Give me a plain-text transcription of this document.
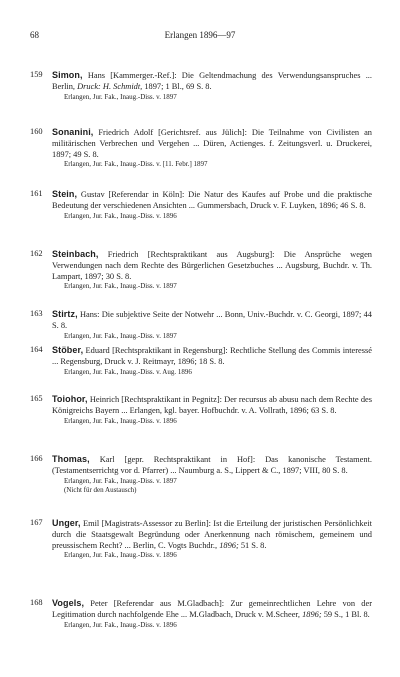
68	Erlangen 1896—97
159 Simon, Hans [Kammerger.-Ref.]: Die Geltendmachung des Verwendungsanspruches ... Berlin, Druck: H. Schmidt, 1897; 1 Bl., 69 S. 8.
Erlangen, Jur. Fak., Inaug.-Diss. v. 1897
160 Sonanini, Friedrich Adolf [Gerichtsref. aus Jülich]: Die Teilnahme von Civilisten an militärischen Verbrechen und Vergehen ... Düren, Actienges. f. Zeitungsverl. u. Druckerei, 1897; 49 S. 8.
Erlangen, Jur. Fak., Inaug.-Diss. v. [11. Febr.] 1897
161 Stein, Gustav [Referendar in Köln]: Die Natur des Kaufes auf Probe und die praktische Bedeutung der verschiedenen Ansichten ... Gummersbach, Druck v. F. Luyken, 1896; 46 S. 8.
Erlangen, Jur. Fak., Inaug.-Diss. v. 1896
162 Steinbach, Friedrich [Rechtspraktikant aus Augsburg]: Die Ansprüche wegen Verwendungen nach dem Rechte des Bürgerlichen Gesetzbuches ... Augsburg, Buchdr. v. Th. Lampart, 1897; 30 S. 8.
Erlangen, Jur. Fak., Inaug.-Diss. v. 1897
163 Stirtz, Hans: Die subjektive Seite der Notwehr ... Bonn, Univ.-Buchdr. v. C. Georgi, 1897; 44 S. 8.
Erlangen, Jur. Fak., Inaug.-Diss. v. 1897
164 Stöber, Eduard [Rechtspraktikant in Regensburg]: Rechtliche Stellung des Commis interessé ... Regensburg, Druck v. J. Reitmayr, 1896; 18 S. 8.
Erlangen, Jur. Fak., Inaug.-Diss. v. Aug. 1896
165 Toiohor, Heinrich [Rechtspraktikant in Pegnitz]: Der recursus ab abusu nach dem Rechte des Königreichs Bayern ... Erlangen, kgl. bayer. Hofbuchdr. v. A. Vollrath, 1896; 63 S. 8.
Erlangen, Jur. Fak., Inaug.-Diss. v. 1896
166 Thomas, Karl [gepr. Rechtspraktikant in Hof]: Das kanonische Testament. (Testamentserrichtg vor d. Pfarrer) ... Naumburg a. S., Lippert & C., 1897; VIII, 80 S. 8.
Erlangen, Jur. Fak., Inaug.-Diss. v. 1897
(Nicht für den Austausch)
167 Unger, Emil [Magistrats-Assessor zu Berlin]: Ist die Erteilung der juristischen Persönlichkeit durch die Staatsgewalt Begründung oder Anerkennung nach römischem, gemeinem und preussischem Recht? ... Berlin, C. Vogts Buchdr., 1896; 51 S. 8.
Erlangen, Jur. Fak., Inaug.-Diss. v. 1896
168 Vogels, Peter [Referendar aus M.Gladbach]: Zur gemeinrechtlichen Lehre von der Legitimation durch nachfolgende Ehe ... M.Gladbach, Druck v. M.Scheer, 1896; 59 S., 1 Bl. 8.
Erlangen, Jur. Fak., Inaug.-Diss. v. 1896
